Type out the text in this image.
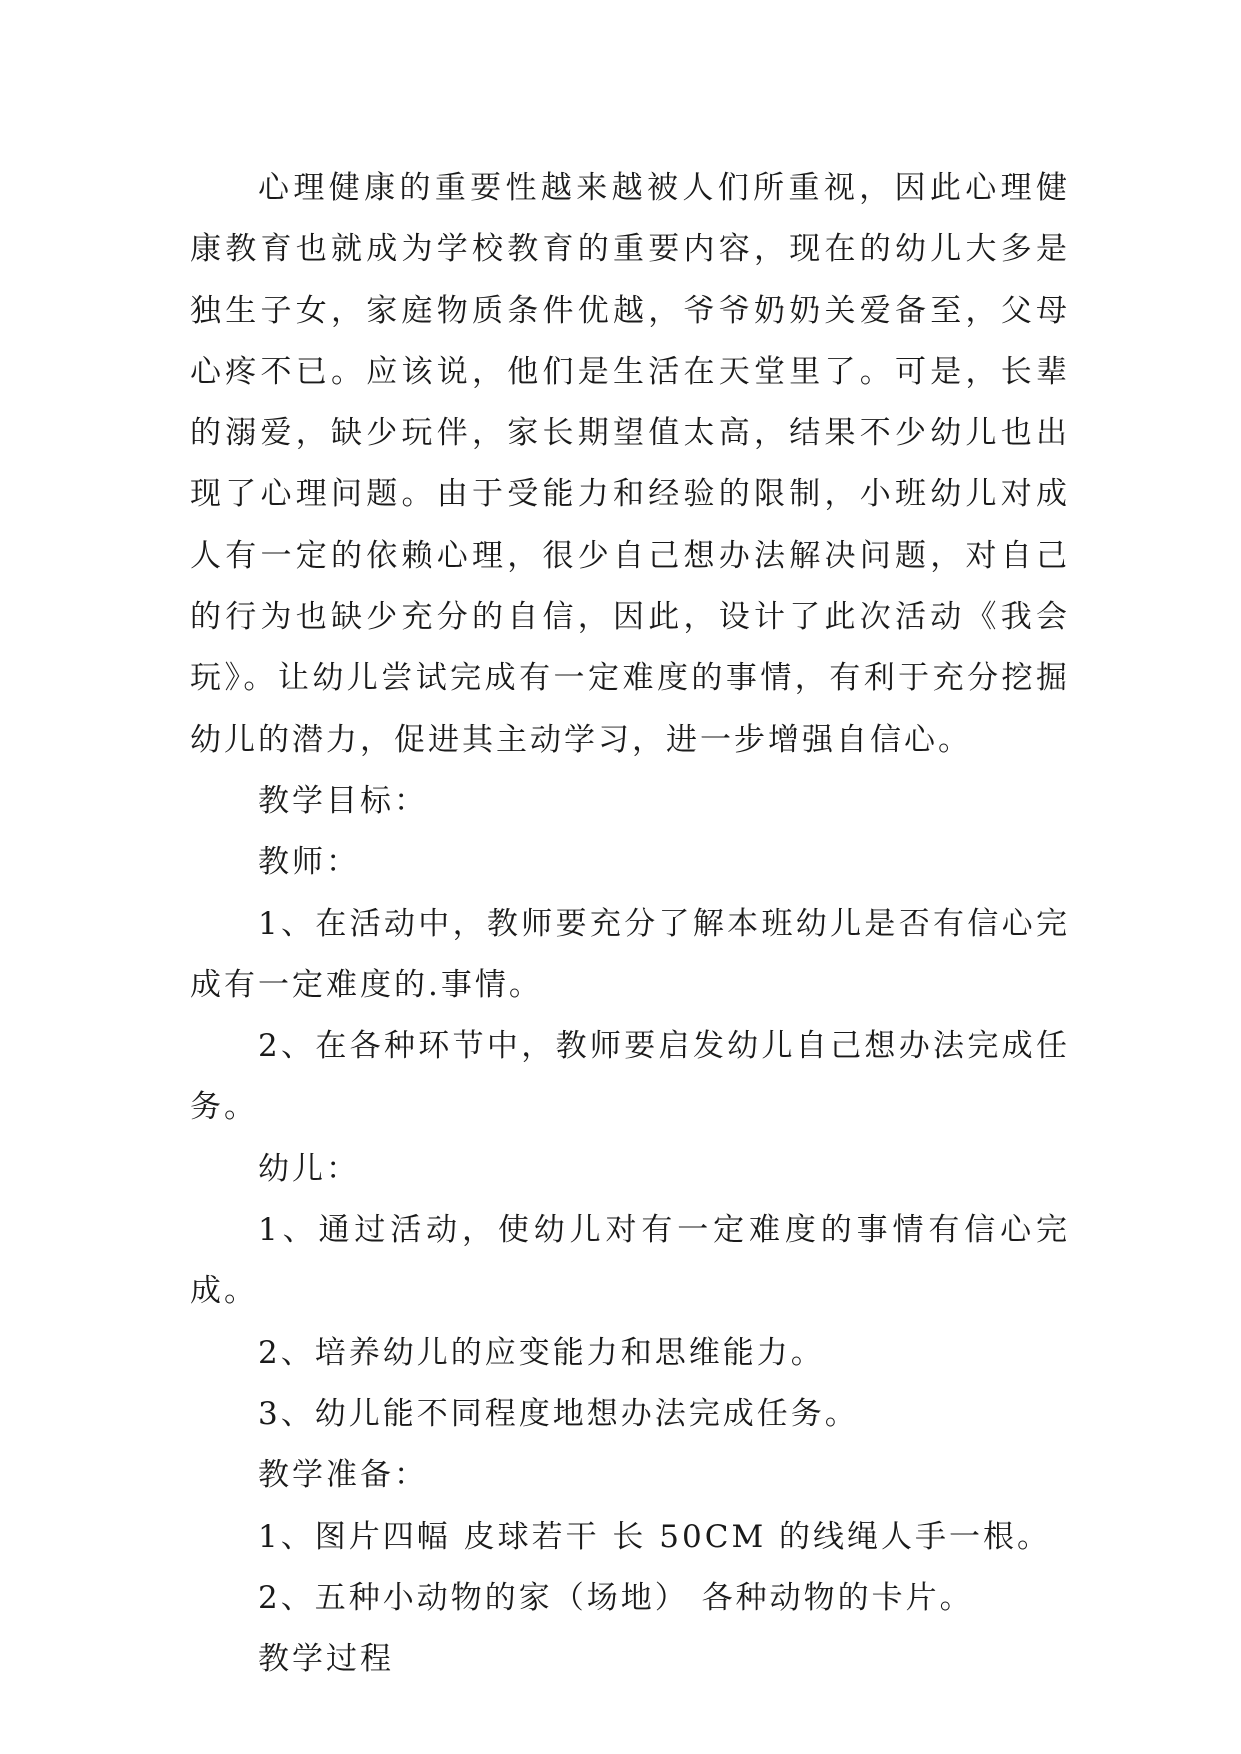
心理健康的重要性越来越被人们所重视，因此心理健康教育也就成为学校教育的重要内容，现在的幼儿大多是独生子女，家庭物质条件优越，爷爷奶奶关爱备至，父母心疼不已。应该说，他们是生活在天堂里了。可是，长辈的溺爱，缺少玩伴，家长期望值太高，结果不少幼儿也出现了心理问题。由于受能力和经验的限制，小班幼儿对成人有一定的依赖心理，很少自己想办法解决问题，对自己的行为也缺少充分的自信，因此，设计了此次活动《我会玩》。让幼儿尝试完成有一定难度的事情，有利于充分挖掘幼儿的潜力，促进其主动学习，进一步增强自信心。

教学目标：

教师：

1、在活动中，教师要充分了解本班幼儿是否有信心完成有一定难度的.事情。

2、在各种环节中，教师要启发幼儿自己想办法完成任务。

幼儿：

1、通过活动，使幼儿对有一定难度的事情有信心完成。

2、培养幼儿的应变能力和思维能力。

3、幼儿能不同程度地想办法完成任务。

教学准备：

1、图片四幅 皮球若干 长 50CM 的线绳人手一根。

2、五种小动物的家（场地） 各种动物的卡片。

教学过程
